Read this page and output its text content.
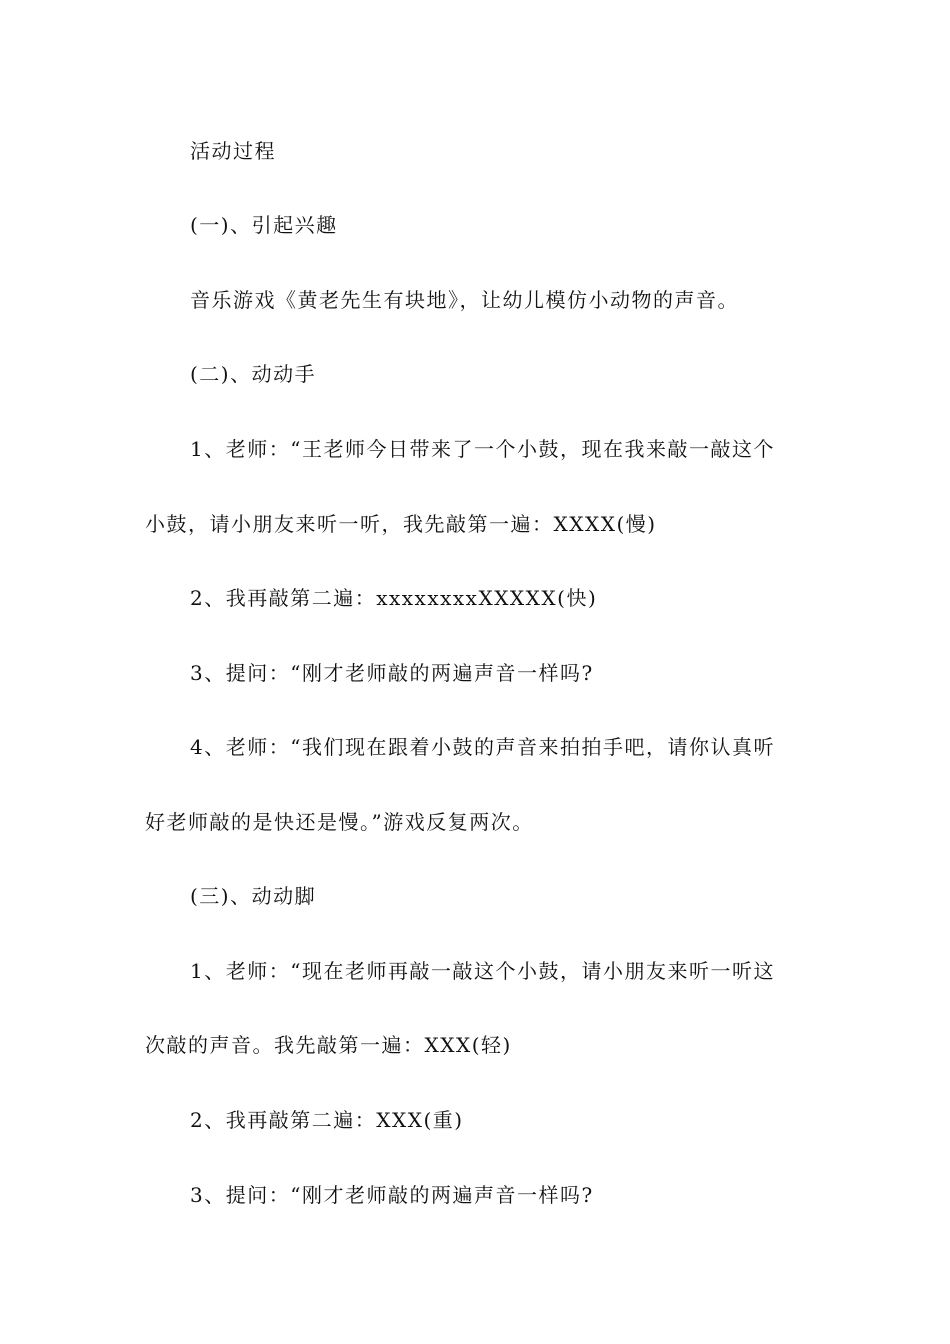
活动过程
(一)、引起兴趣
音乐游戏《黄老先生有块地》，让幼儿模仿小动物的声音。
(二)、动动手
1、老师：“王老师今日带来了一个小鼓，现在我来敲一敲这个
小鼓，请小朋友来听一听，我先敲第一遍：XXXX(慢)
2、我再敲第二遍：xxxxxxxxXXXXX(快)
3、提问：“刚才老师敲的两遍声音一样吗?
4、老师：“我们现在跟着小鼓的声音来拍拍手吧，请你认真听
好老师敲的是快还是慢。”游戏反复两次。
(三)、动动脚
1、老师：“现在老师再敲一敲这个小鼓，请小朋友来听一听这
次敲的声音。我先敲第一遍：XXX(轻)
2、我再敲第二遍：XXX(重)
3、提问：“刚才老师敲的两遍声音一样吗?
